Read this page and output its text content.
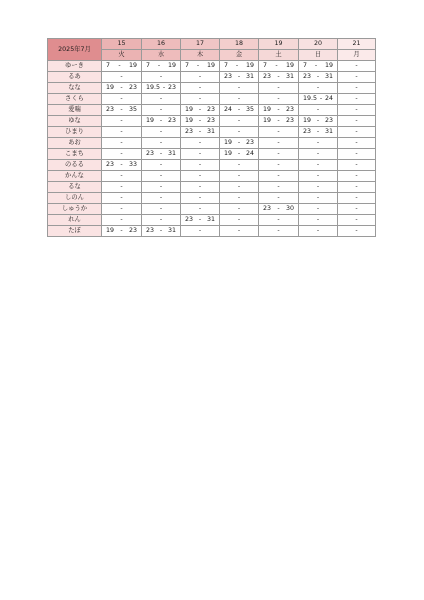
2025年7月	15	16	17	18	19	20	21
	火	水	木	金	土	日	月
ゆーき	7 - 19	7 - 19	7 - 19	7 - 19	7 - 19	7 - 19	-
るあ	-	-	-	23 - 31	23 - 31	23 - 31	-
なな	19 - 23	19.5 - 23	-	-	-	-	-
さくら	-	-	-	-	-	19.5 - 24	-
愛喘	23 - 35	-	19 - 23	24 - 35	19 - 23	-	-
ゆな	-	19 - 23	19 - 23	-	19 - 23	19 - 23	-
ひまり	-	-	23 - 31	-	-	23 - 31	-
あお	-	-	-	19 - 23	-	-	-
こまち	-	23 - 31	-	19 - 24	-	-	-
のるる	23 - 33	-	-	-	-	-	-
かんな	-	-	-	-	-	-	-
るな	-	-	-	-	-	-	-
しのん	-	-	-	-	-	-	-
しゅうか	-	-	-	-	23 - 30	-	-
れん	-	-	23 - 31	-	-	-	-
たぼ	19 - 23	23 - 31	-	-	-	-	-
